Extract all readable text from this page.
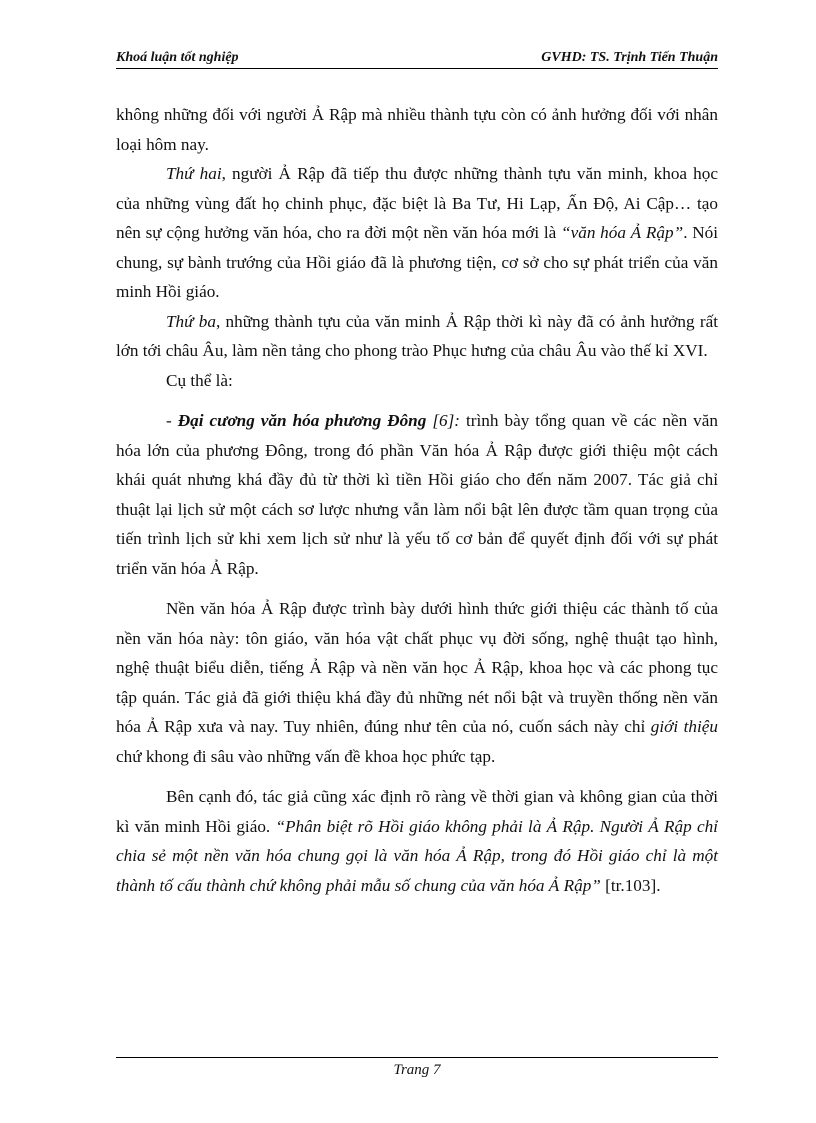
Khoá luận tốt nghiệp	GVHD: TS. Trịnh Tiến Thuận

không những đối với người Ả Rập mà nhiều thành tựu còn có ảnh hưởng đối với nhân loại hôm nay.

Thứ hai, người Ả Rập đã tiếp thu được những thành tựu văn minh, khoa học của những vùng đất họ chinh phục, đặc biệt là Ba Tư, Hi Lạp, Ấn Độ, Ai Cập… tạo nên sự cộng hưởng văn hóa, cho ra đời một nền văn hóa mới là “văn hóa Ả Rập”. Nói chung, sự bành trướng của Hồi giáo đã là phương tiện, cơ sở cho sự phát triển của văn minh Hồi giáo.

Thứ ba, những thành tựu của văn minh Ả Rập thời kì này đã có ảnh hưởng rất lớn tới châu Âu, làm nền tảng cho phong trào Phục hưng của châu Âu vào thế kỉ XVI.

Cụ thể là:

- Đại cương văn hóa phương Đông [6]: trình bày tổng quan về các nền văn hóa lớn của phương Đông, trong đó phần Văn hóa Ả Rập được giới thiệu một cách khái quát nhưng khá đầy đủ từ thời kì tiền Hồi giáo cho đến năm 2007. Tác giả chỉ thuật lại lịch sử một cách sơ lược nhưng vẫn làm nổi bật lên được tầm quan trọng của tiến trình lịch sử khi xem lịch sử như là yếu tố cơ bản để quyết định đối với sự phát triển văn hóa Ả Rập.

Nền văn hóa Ả Rập được trình bày dưới hình thức giới thiệu các thành tố của nền văn hóa này: tôn giáo, văn hóa vật chất phục vụ đời sống, nghệ thuật tạo hình, nghệ thuật biểu diễn, tiếng Ả Rập và nền văn học Ả Rập, khoa học và các phong tục tập quán. Tác giả đã giới thiệu khá đầy đủ những nét nổi bật và truyền thống nền văn hóa Ả Rập xưa và nay. Tuy nhiên, đúng như tên của nó, cuốn sách này chỉ giới thiệu chứ khong đi sâu vào những vấn đề khoa học phức tạp.

Bên cạnh đó, tác giả cũng xác định rõ ràng về thời gian và không gian của thời kì văn minh Hồi giáo. “Phân biệt rõ Hồi giáo không phải là Ả Rập. Người Ả Rập chỉ chia sẻ một nền văn hóa chung gọi là văn hóa Ả Rập, trong đó Hồi giáo chỉ là một thành tố cấu thành chứ không phải mẫu số chung của văn hóa Ả Rập” [tr.103].

Trang 7
